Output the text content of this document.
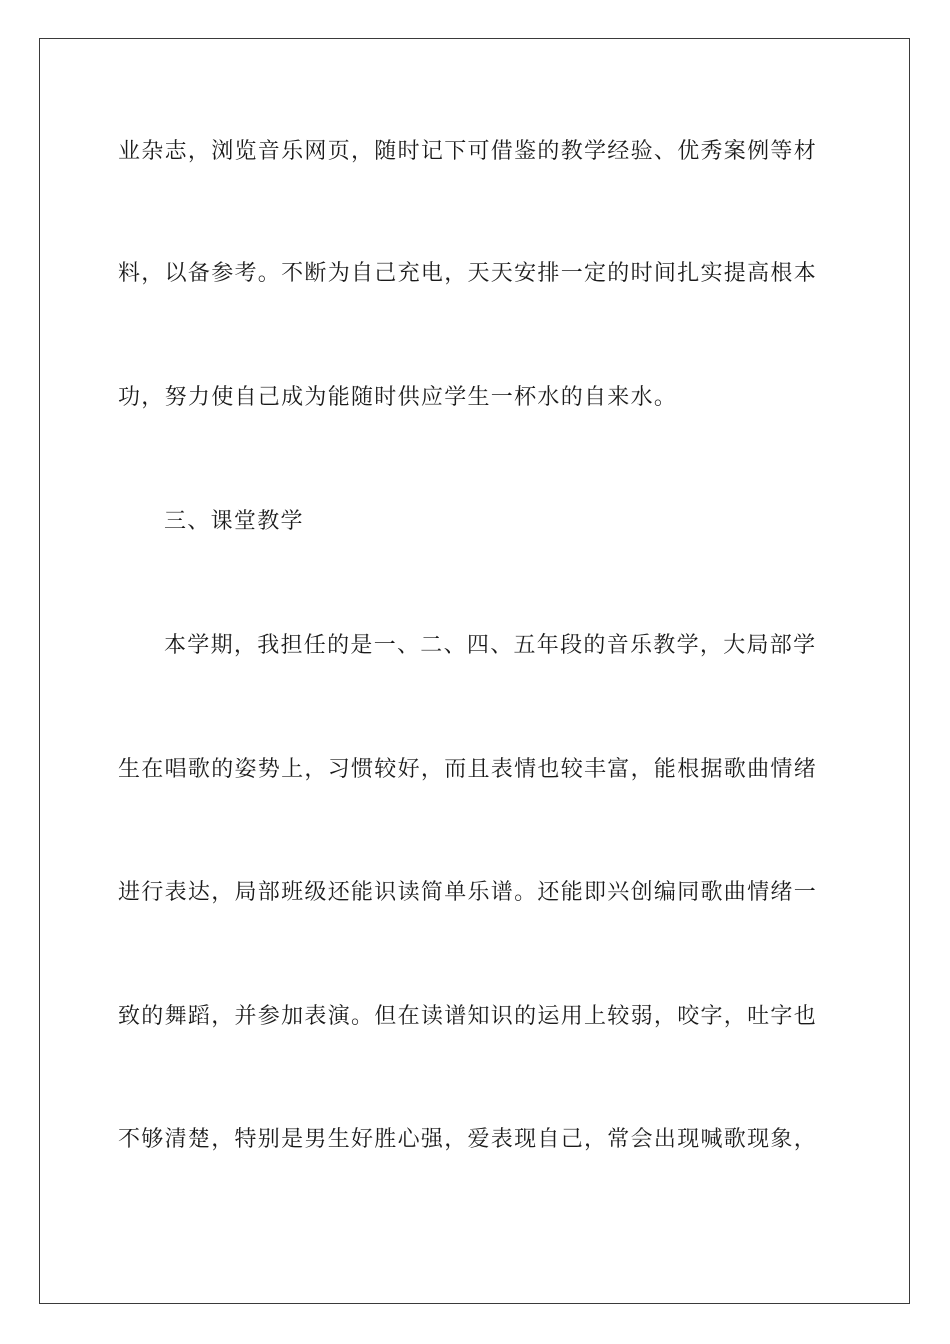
业杂志，浏览音乐网页，随时记下可借鉴的教学经验、优秀案例等材
料，以备参考。不断为自己充电，天天安排一定的时间扎实提高根本
功，努力使自己成为能随时供应学生一杯水的自来水。
三、课堂教学
本学期，我担任的是一、二、四、五年段的音乐教学，大局部学
生在唱歌的姿势上，习惯较好，而且表情也较丰富，能根据歌曲情绪
进行表达，局部班级还能识读简单乐谱。还能即兴创编同歌曲情绪一
致的舞蹈，并参加表演。但在读谱知识的运用上较弱，咬字，吐字也
不够清楚，特别是男生好胜心强，爱表现自己，常会出现喊歌现象，
